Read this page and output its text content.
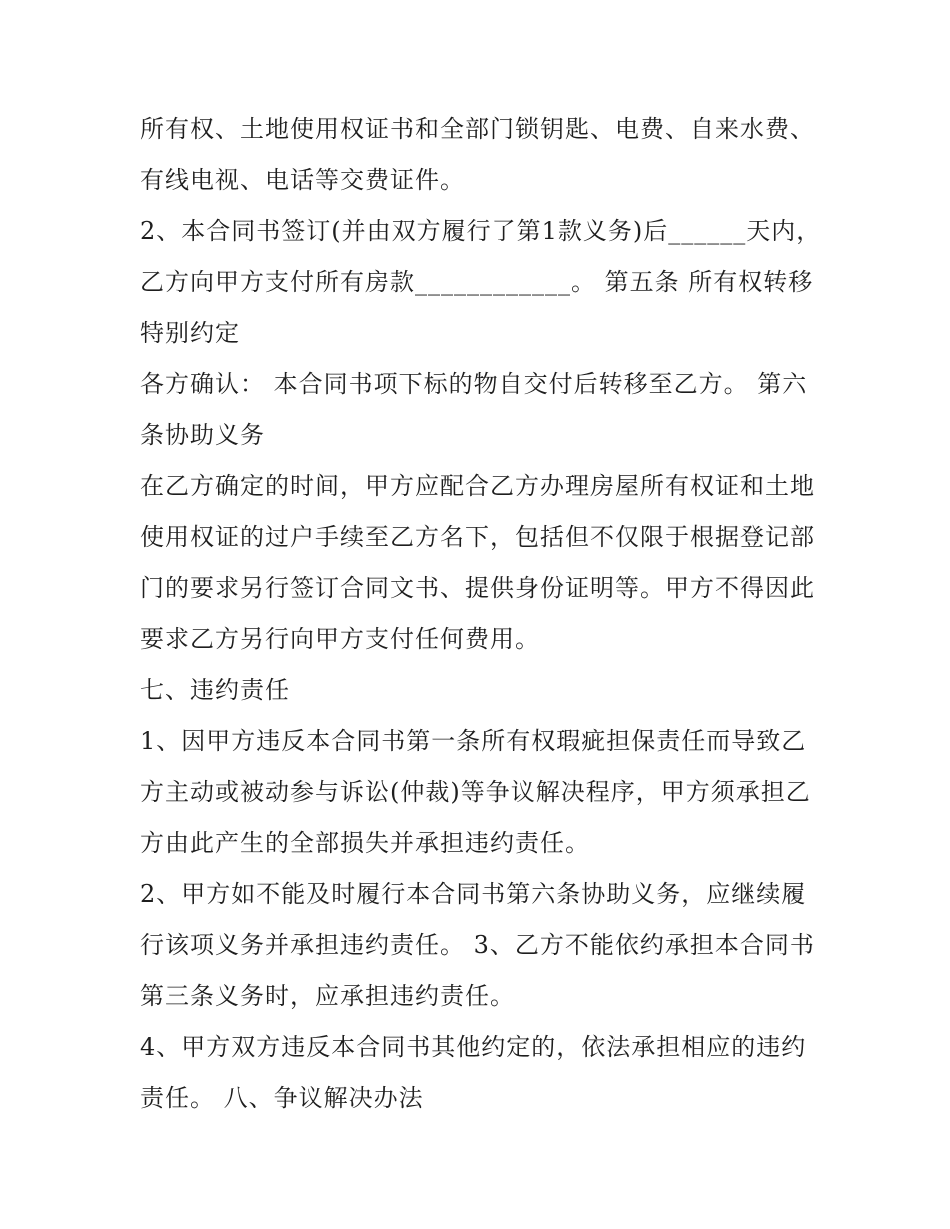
所有权、土地使用权证书和全部门锁钥匙、电费、自来水费、
有线电视、电话等交费证件。
2、本合同书签订(并由双方履行了第1款义务)后______天内，
乙方向甲方支付所有房款____________。 第五条 所有权转移
特别约定
各方确认： 本合同书项下标的物自交付后转移至乙方。 第六
条协助义务
在乙方确定的时间，甲方应配合乙方办理房屋所有权证和土地
使用权证的过户手续至乙方名下，包括但不仅限于根据登记部
门的要求另行签订合同文书、提供身份证明等。甲方不得因此
要求乙方另行向甲方支付任何费用。
七、违约责任
1、因甲方违反本合同书第一条所有权瑕疵担保责任而导致乙
方主动或被动参与诉讼(仲裁)等争议解决程序，甲方须承担乙
方由此产生的全部损失并承担违约责任。
2、甲方如不能及时履行本合同书第六条协助义务，应继续履
行该项义务并承担违约责任。 3、乙方不能依约承担本合同书
第三条义务时，应承担违约责任。
4、甲方双方违反本合同书其他约定的，依法承担相应的违约
责任。 八、争议解决办法
